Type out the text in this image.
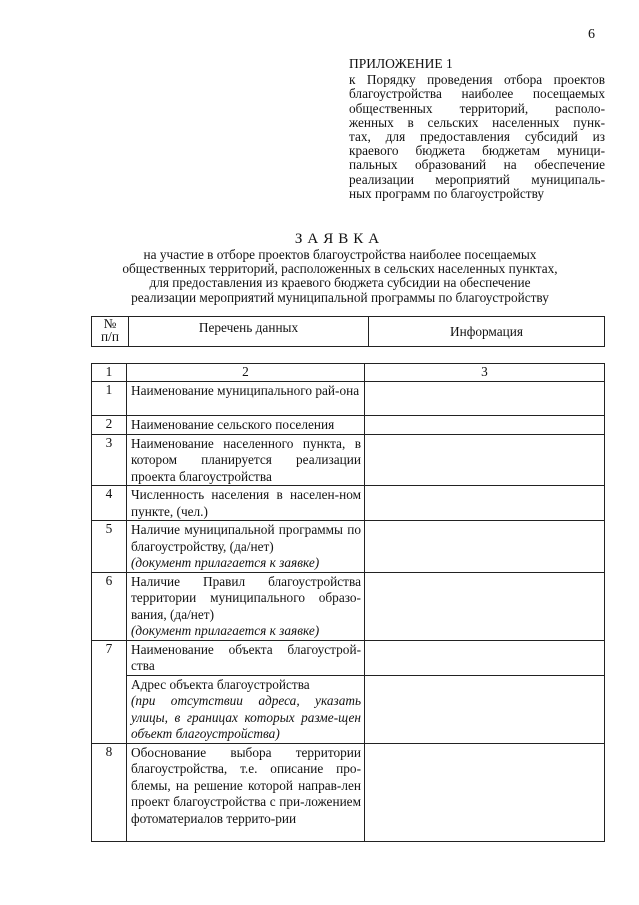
6
ПРИЛОЖЕНИЕ 1
к Порядку проведения отбора проектов
благоустройства наиболее посещаемых
общественных территорий, располо-
женных в сельских населенных пунк-
тах, для предоставления субсидий из
краевого бюджета бюджетам муници-
пальных образований на обеспечение
реализации мероприятий муниципаль-
ных программ по благоустройству
ЗАЯВКА
на участие в отборе проектов благоустройства наиболее посещаемых
общественных территорий, расположенных в сельских населенных пунктах,
для предоставления из краевого бюджета субсидии на обеспечение
реализации мероприятий муниципальной программы по благоустройству
№
п/п	Перечень данных	Информация
1	2	3
1	Наименование муниципального рай-она	

2	Наименование сельского поселения	

3	Наименование населенного пункта, в котором планируется реализации проекта благоустройства	

4	Численность населения в населен-ном пункте, (чел.)	

5	Наличие муниципальной программы по благоустройству, (да/нет)
(документ прилагается к заявке)	

6	Наличие Правил благоустройства территории муниципального образо-вания, (да/нет)
(документ прилагается к заявке)	

7	Наименование объекта благоустрой-ства	

	Адрес объекта благоустройства
(при отсутствии адреса, указать улицы, в границах которых разме-щен объект благоустройства)	

8	Обоснование выбора территории благоустройства, т.е. описание про-блемы, на решение которой направ-лен проект благоустройства с при-ложением фотоматериалов террито-рии	
